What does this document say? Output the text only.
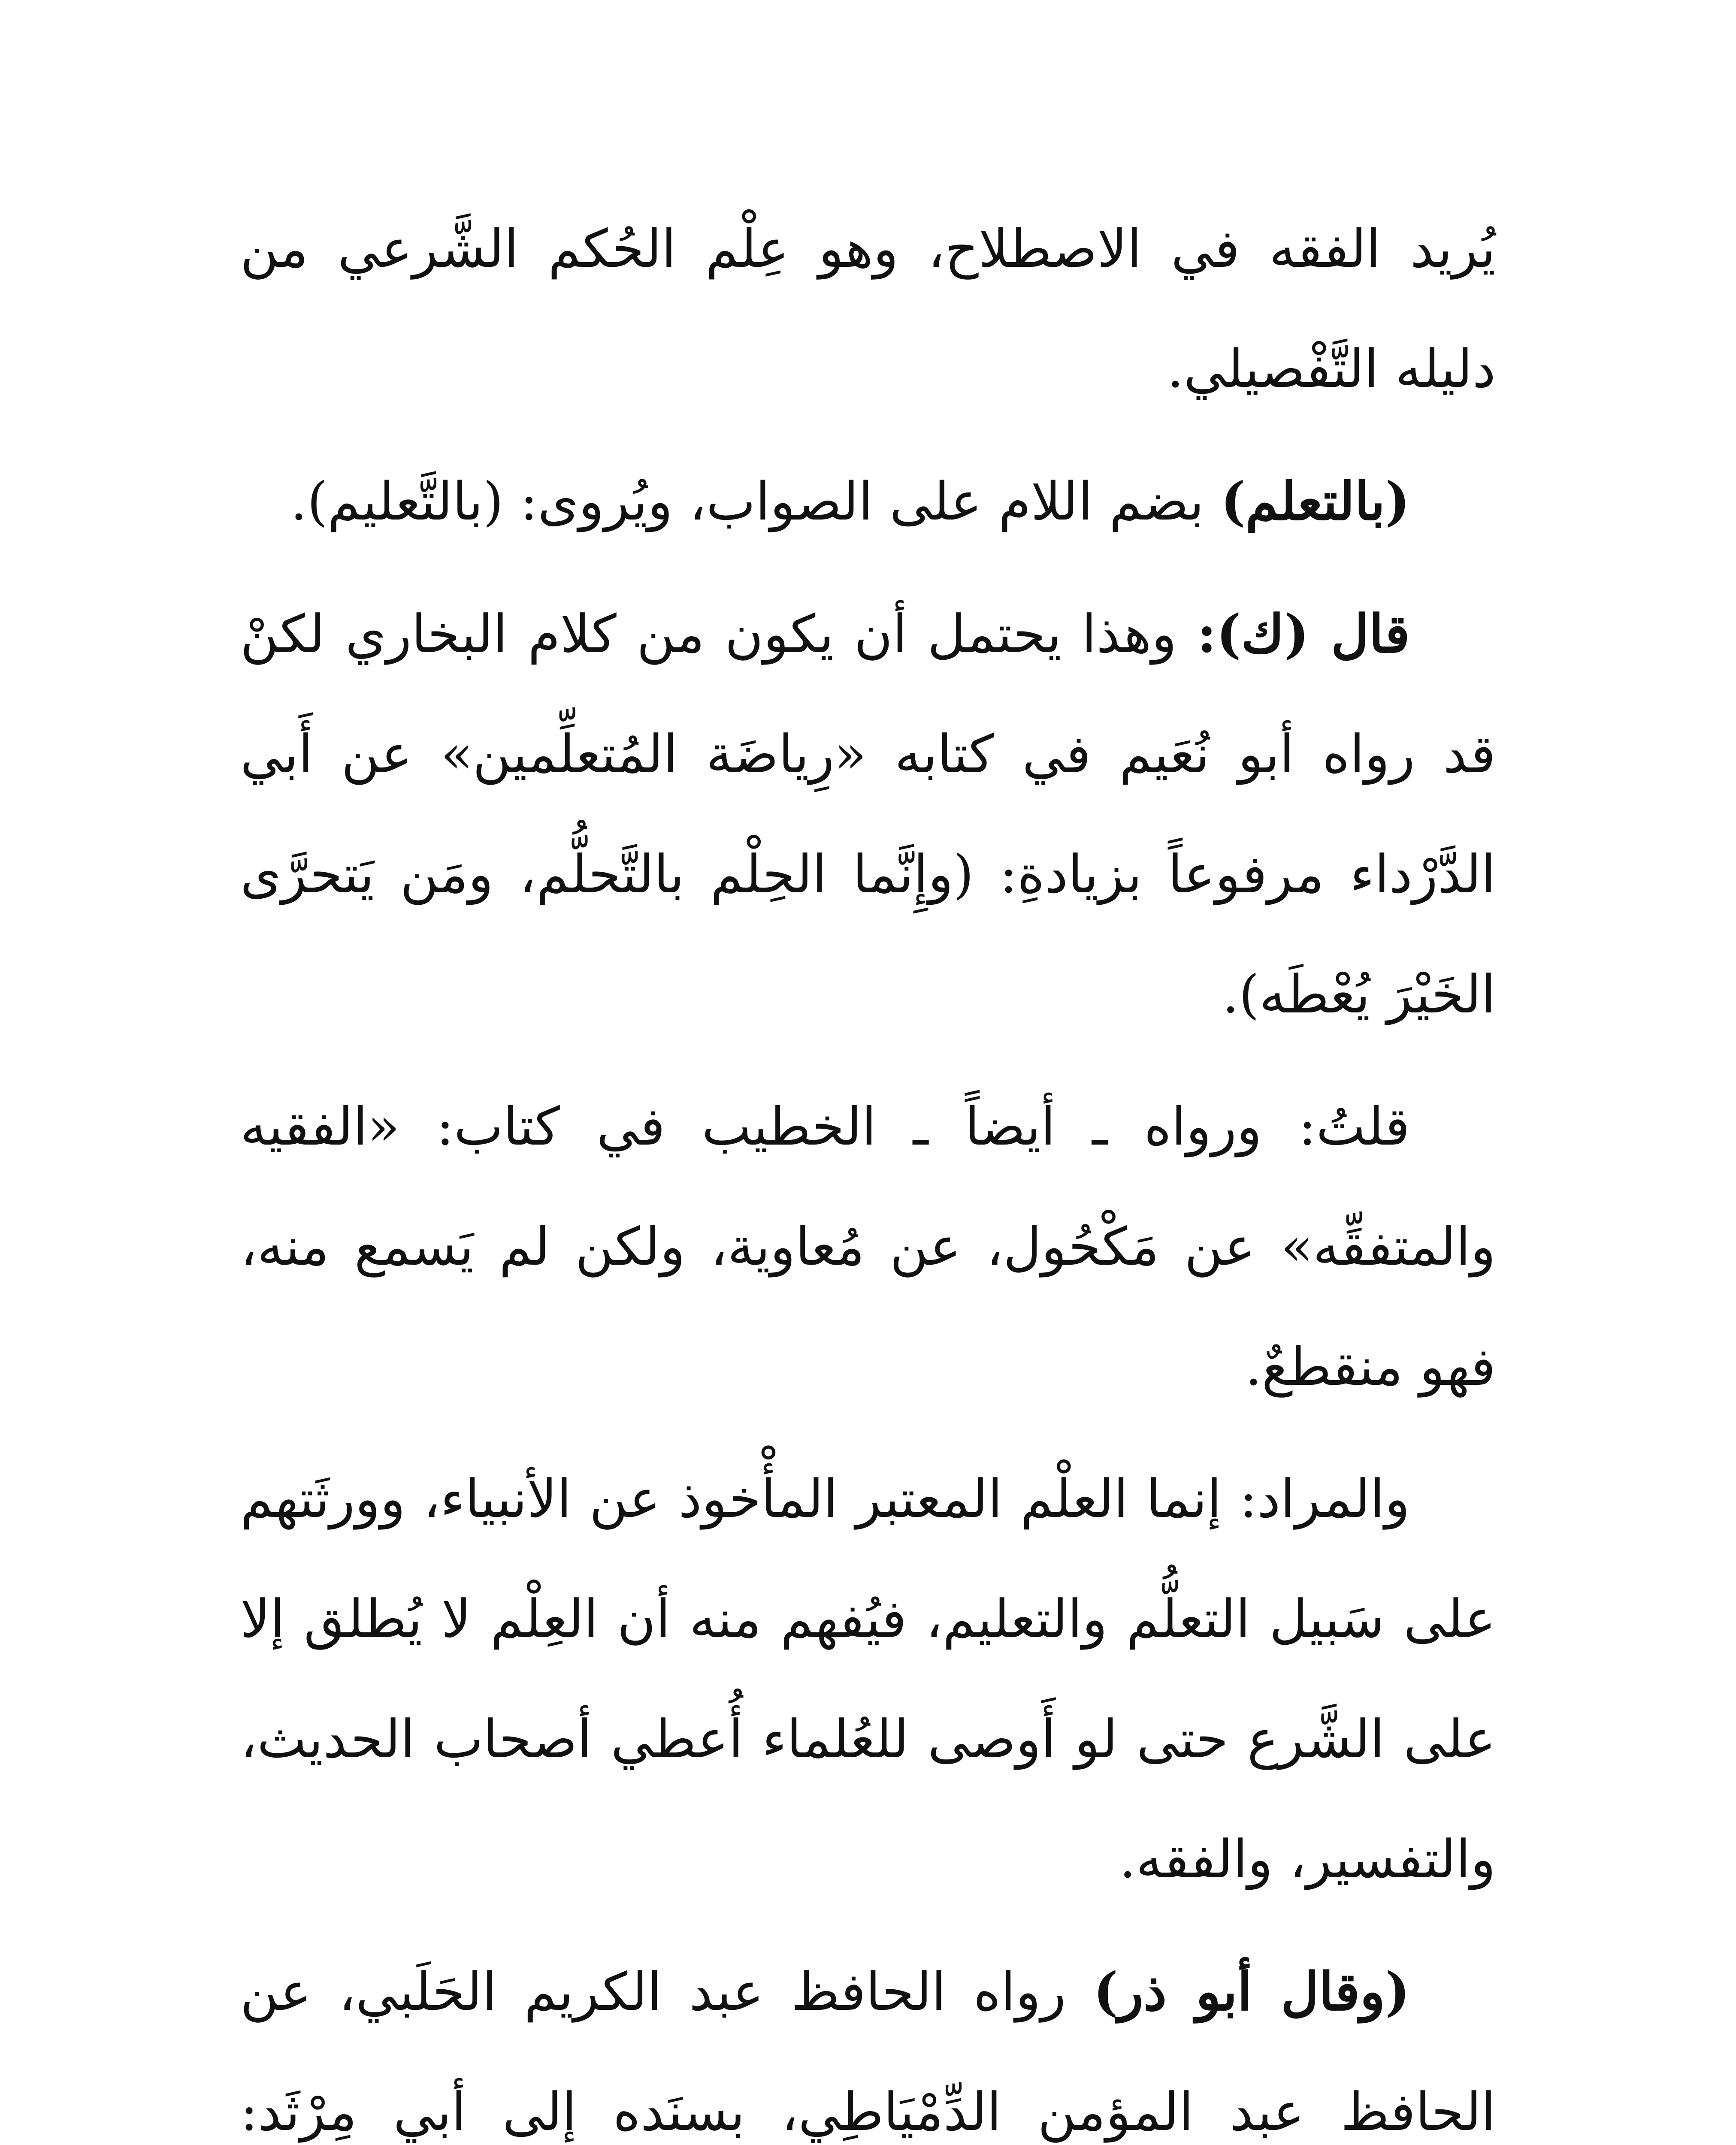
يُريد الفقه في الاصطلاح، وهو عِلْم الحُكم الشَّرعي من دليله التَّفْصيلي.

(بالتعلم) بضم اللام على الصواب، ويُروى: (بالتَّعليم).

قال (ك): وهذا يحتمل أن يكون من كلام البخاري لكنْ قد رواه أبو نُعَيم في كتابه «رِياضَة المُتعلِّمين» عن أَبي الدَّرْداء مرفوعاً بزيادةِ: (وإِنَّما الحِلْم بالتَّحلُّم، ومَن يَتحرَّى الخَيْرَ يُعْطَه).

قلتُ: ورواه ـ أيضاً ـ الخطيب في كتاب: «الفقيه والمتفقِّه» عن مَكْحُول، عن مُعاوية، ولكن لم يَسمع منه، فهو منقطعٌ.

والمراد: إنما العلْم المعتبر المأْخوذ عن الأنبياء، وورثَتهم على سَبيل التعلُّم والتعليم، فيُفهم منه أن العِلْم لا يُطلق إلا على الشَّرع حتى لو أَوصى للعُلماء أُعطي أصحاب الحديث، والتفسير، والفقه.

(وقال أبو ذر) رواه الحافظ عبد الكريم الحَلَبي، عن الحافظ عبد المؤمن الدِّمْيَاطِي، بسنَده إلى أبي مِرْثَد:
